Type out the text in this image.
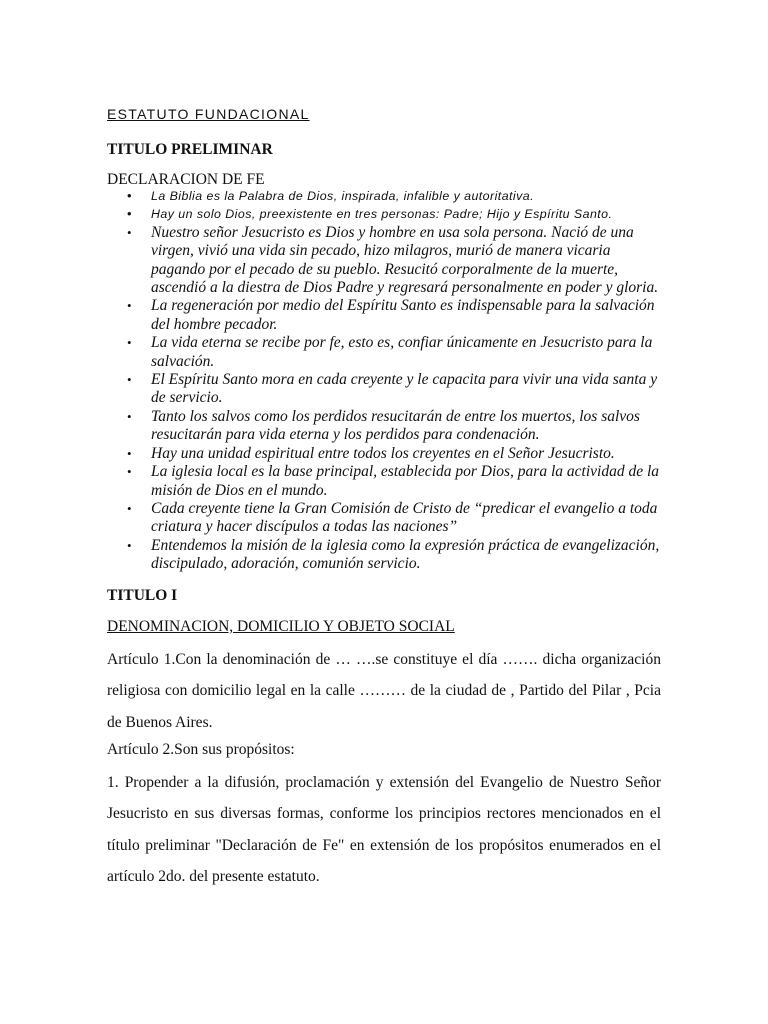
ESTATUTO FUNDACIONAL
TITULO PRELIMINAR

DECLARACION DE FE

• La Biblia es la Palabra de Dios, inspirada, infalible y autoritativa.
• Hay un solo Dios, preexistente en tres personas: Padre; Hijo y Espíritu Santo.
• Nuestro señor Jesucristo es Dios y hombre en usa sola persona. Nació de una virgen, vivió una vida sin pecado, hizo milagros, murió de manera vicaria pagando por el pecado de su pueblo. Resucitó corporalmente de la muerte, ascendió a la diestra de Dios Padre y regresará personalmente en poder y gloria.
• La regeneración por medio del Espíritu Santo es indispensable para la salvación del hombre pecador.
• La vida eterna se recibe por fe, esto es, confiar únicamente en Jesucristo para la salvación.
• El Espíritu Santo mora en cada creyente y le capacita para vivir una vida santa y de servicio.
• Tanto los salvos como los perdidos resucitarán de entre los muertos, los salvos resucitarán para vida eterna y los perdidos para condenación.
• Hay una unidad espiritual entre todos los creyentes en el Señor Jesucristo.
• La iglesia local es la base principal, establecida por Dios, para la actividad de la misión de Dios en el mundo.
• Cada creyente tiene la Gran Comisión de Cristo de “predicar el evangelio a toda criatura y hacer discípulos a todas las naciones”
• Entendemos la misión de la iglesia como la expresión práctica de evangelización, discipulado, adoración, comunión servicio.
TITULO I

DENOMINACION, DOMICILIO Y OBJETO SOCIAL

Artículo 1.Con la denominación de … ….se constituye el día ……. dicha organización religiosa con domicilio legal en la calle ……… de la ciudad de , Partido del Pilar , Pcia de Buenos Aires.

Artículo 2.Son sus propósitos:

1. Propender a la difusión, proclamación y extensión del Evangelio de Nuestro Señor Jesucristo en sus diversas formas, conforme los principios rectores mencionados en el título preliminar "Declaración de Fe" en extensión de los propósitos enumerados en el artículo 2do. del presente estatuto.
